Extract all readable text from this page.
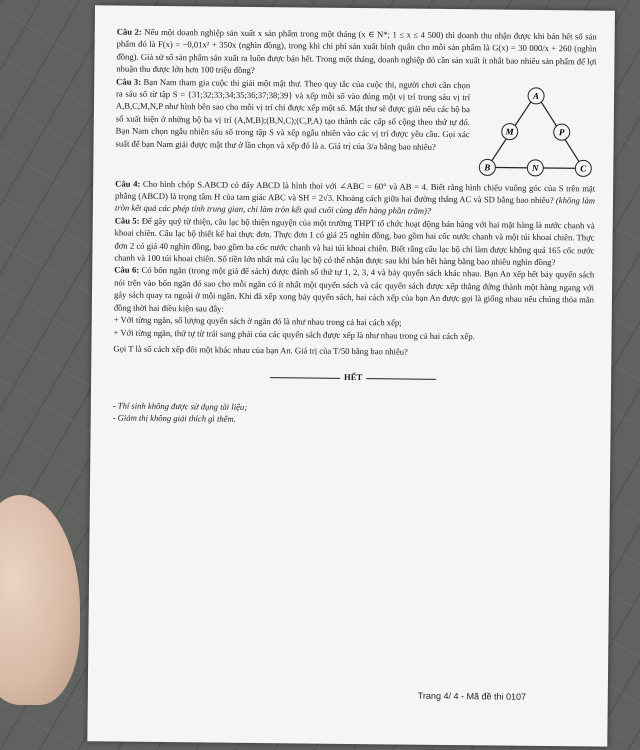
Câu 2: Nếu một doanh nghiệp sản xuất x sản phẩm trong một tháng (x ∈ N*; 1 ≤ x ≤ 4 500) thì doanh thu nhận được khi bán hết số sản phẩm đó là F(x) = −0,01x² + 350x (nghìn đồng), trong khi chi phí sản xuất bình quân cho mỗi sản phẩm là G(x) = 30 000/x + 260 (nghìn đồng). Giả sử số sản phẩm sản xuất ra luôn được bán hết. Trong một tháng, doanh nghiệp đó cần sản xuất ít nhất bao nhiêu sản phẩm để lợi nhuận thu được lớn hơn 100 triệu đồng?

A
M	P
B	N	C

Câu 3: Bạn Nam tham gia cuộc thi giải một mật thư. Theo quy tắc của cuộc thi, người chơi cần chọn ra sáu số từ tập S = {31;32;33;34;35;36;37;38;39} và xếp mỗi số vào đúng một vị trí trong sáu vị trí A,B,C,M,N,P như hình bên sao cho mỗi vị trí chỉ được xếp một số. Mật thư sẽ được giải nếu các bộ ba số xuất hiện ở những bộ ba vị trí (A,M,B);(B,N,C);(C,P,A) tạo thành các cấp số cộng theo thứ tự đó. Bạn Nam chọn ngẫu nhiên sáu số trong tập S và xếp ngẫu nhiên vào các vị trí được yêu cầu. Gọi xác suất để bạn Nam giải được mật thư ở lần chọn và xếp đó là a. Giá trị của 3/a bằng bao nhiêu?

Câu 4: Cho hình chóp S.ABCD có đáy ABCD là hình thoi với ∠ABC = 60° và AB = 4. Biết rằng hình chiếu vuông góc của S trên mặt phẳng (ABCD) là trọng tâm H của tam giác ABC và SH = 2√3. Khoảng cách giữa hai đường thẳng AC và SD bằng bao nhiêu? (không làm tròn kết quả các phép tính trung gian, chỉ làm tròn kết quả cuối cùng đến hàng phần trăm)?

Câu 5: Để gây quỹ từ thiện, câu lạc bộ thiện nguyện của một trường THPT tổ chức hoạt động bán hàng với hai mặt hàng là nước chanh và khoai chiên. Câu lạc bộ thiết kế hai thực đơn. Thực đơn 1 có giá 25 nghìn đồng, bao gồm hai cốc nước chanh và một túi khoai chiên. Thực đơn 2 có giá 40 nghìn đồng, bao gồm ba cốc nước chanh và hai túi khoai chiên. Biết rằng câu lạc bộ chỉ làm được không quá 165 cốc nước chanh và 100 túi khoai chiên. Số tiền lớn nhất mà câu lạc bộ có thể nhận được sau khi bán hết hàng bằng bao nhiêu nghìn đồng?

Câu 6: Có bốn ngăn (trong một giá để sách) được đánh số thứ tự 1, 2, 3, 4 và bảy quyển sách khác nhau. Bạn An xếp hết bảy quyển sách nói trên vào bốn ngăn đó sao cho mỗi ngăn có ít nhất một quyển sách và các quyển sách được xếp thẳng đứng thành một hàng ngang với gáy sách quay ra ngoài ở mỗi ngăn. Khi đã xếp xong bảy quyển sách, hai cách xếp của bạn An được gọi là giống nhau nếu chúng thỏa mãn đồng thời hai điều kiện sau đây:

+ Với từng ngăn, số lượng quyển sách ở ngăn đó là như nhau trong cả hai cách xếp;

+ Với từng ngăn, thứ tự từ trái sang phải của các quyển sách được xếp là như nhau trong cả hai cách xếp.

Gọi T là số cách xếp đôi một khác nhau của bạn An. Giá trị của T/50 bằng bao nhiêu?

HẾT
- Thí sinh không được sử dụng tài liệu;
- Giám thị không giải thích gì thêm.
Trang 4/ 4 - Mã đề thi 0107
